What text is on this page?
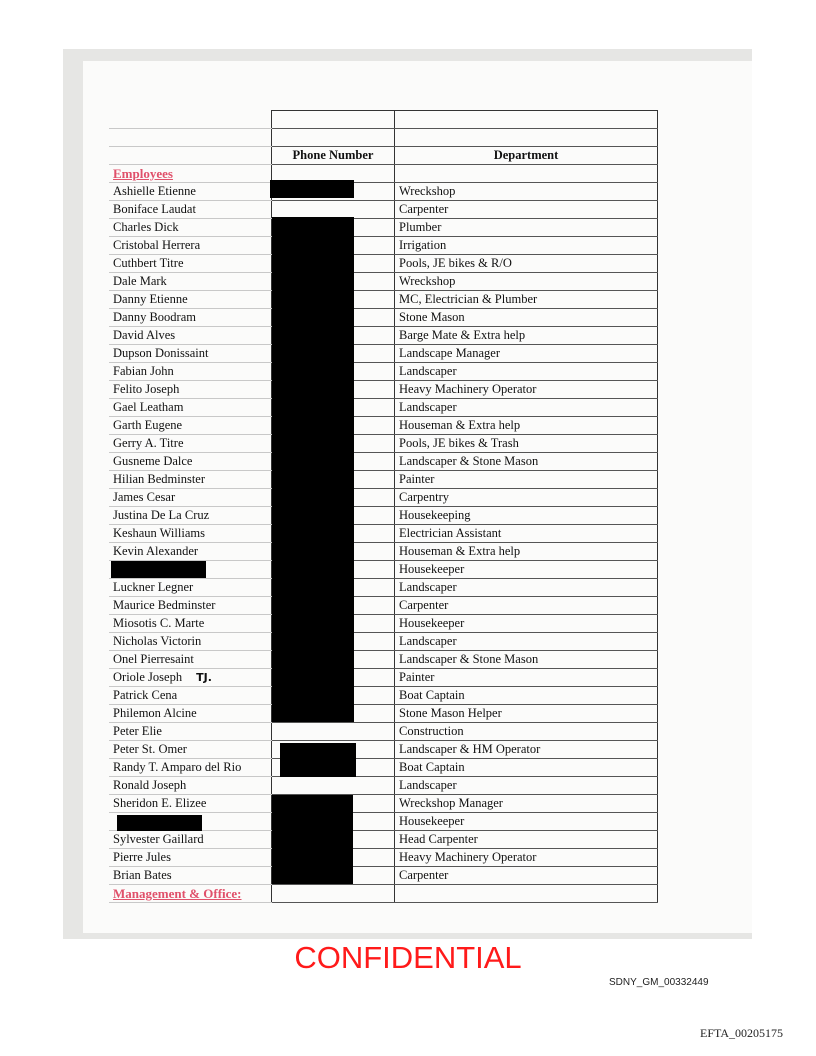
	Phone Number	Department
Employees		
Ashielle Etienne		Wreckshop
Boniface Laudat		Carpenter
Charles Dick		Plumber
Cristobal Herrera		Irrigation
Cuthbert Titre		Pools, JE bikes & R/O
Dale Mark		Wreckshop
Danny Etienne		MC, Electrician & Plumber
Danny Boodram		Stone Mason
David Alves		Barge Mate & Extra help
Dupson Donissaint		Landscape Manager
Fabian John		Landscaper
Felito Joseph		Heavy Machinery Operator
Gael Leatham		Landscaper
Garth Eugene		Houseman & Extra help
Gerry A. Titre		Pools, JE bikes & Trash
Gusneme Dalce		Landscaper & Stone Mason
Hilian Bedminster		Painter
James Cesar		Carpentry
Justina De La Cruz		Housekeeping
Keshaun Williams		Electrician Assistant
Kevin Alexander		Houseman & Extra help
		Housekeeper
Luckner Legner		Landscaper
Maurice Bedminster		Carpenter
Miosotis C. Marte		Housekeeper
Nicholas Victorin		Landscaper
Onel Pierresaint		Landscaper & Stone Mason
Oriole Joseph TJ.		Painter
Patrick Cena		Boat Captain
Philemon Alcine		Stone Mason Helper
Peter Elie		Construction
Peter St. Omer		Landscaper & HM Operator
Randy T. Amparo del Rio		Boat Captain
Ronald Joseph		Landscaper
Sheridon E. Elizee		Wreckshop Manager
		Housekeeper
Sylvester Gaillard		Head Carpenter
Pierre Jules		Heavy Machinery Operator
Brian Bates		Carpenter
Management & Office:		
CONFIDENTIAL
SDNY_GM_00332449
EFTA_00205175
